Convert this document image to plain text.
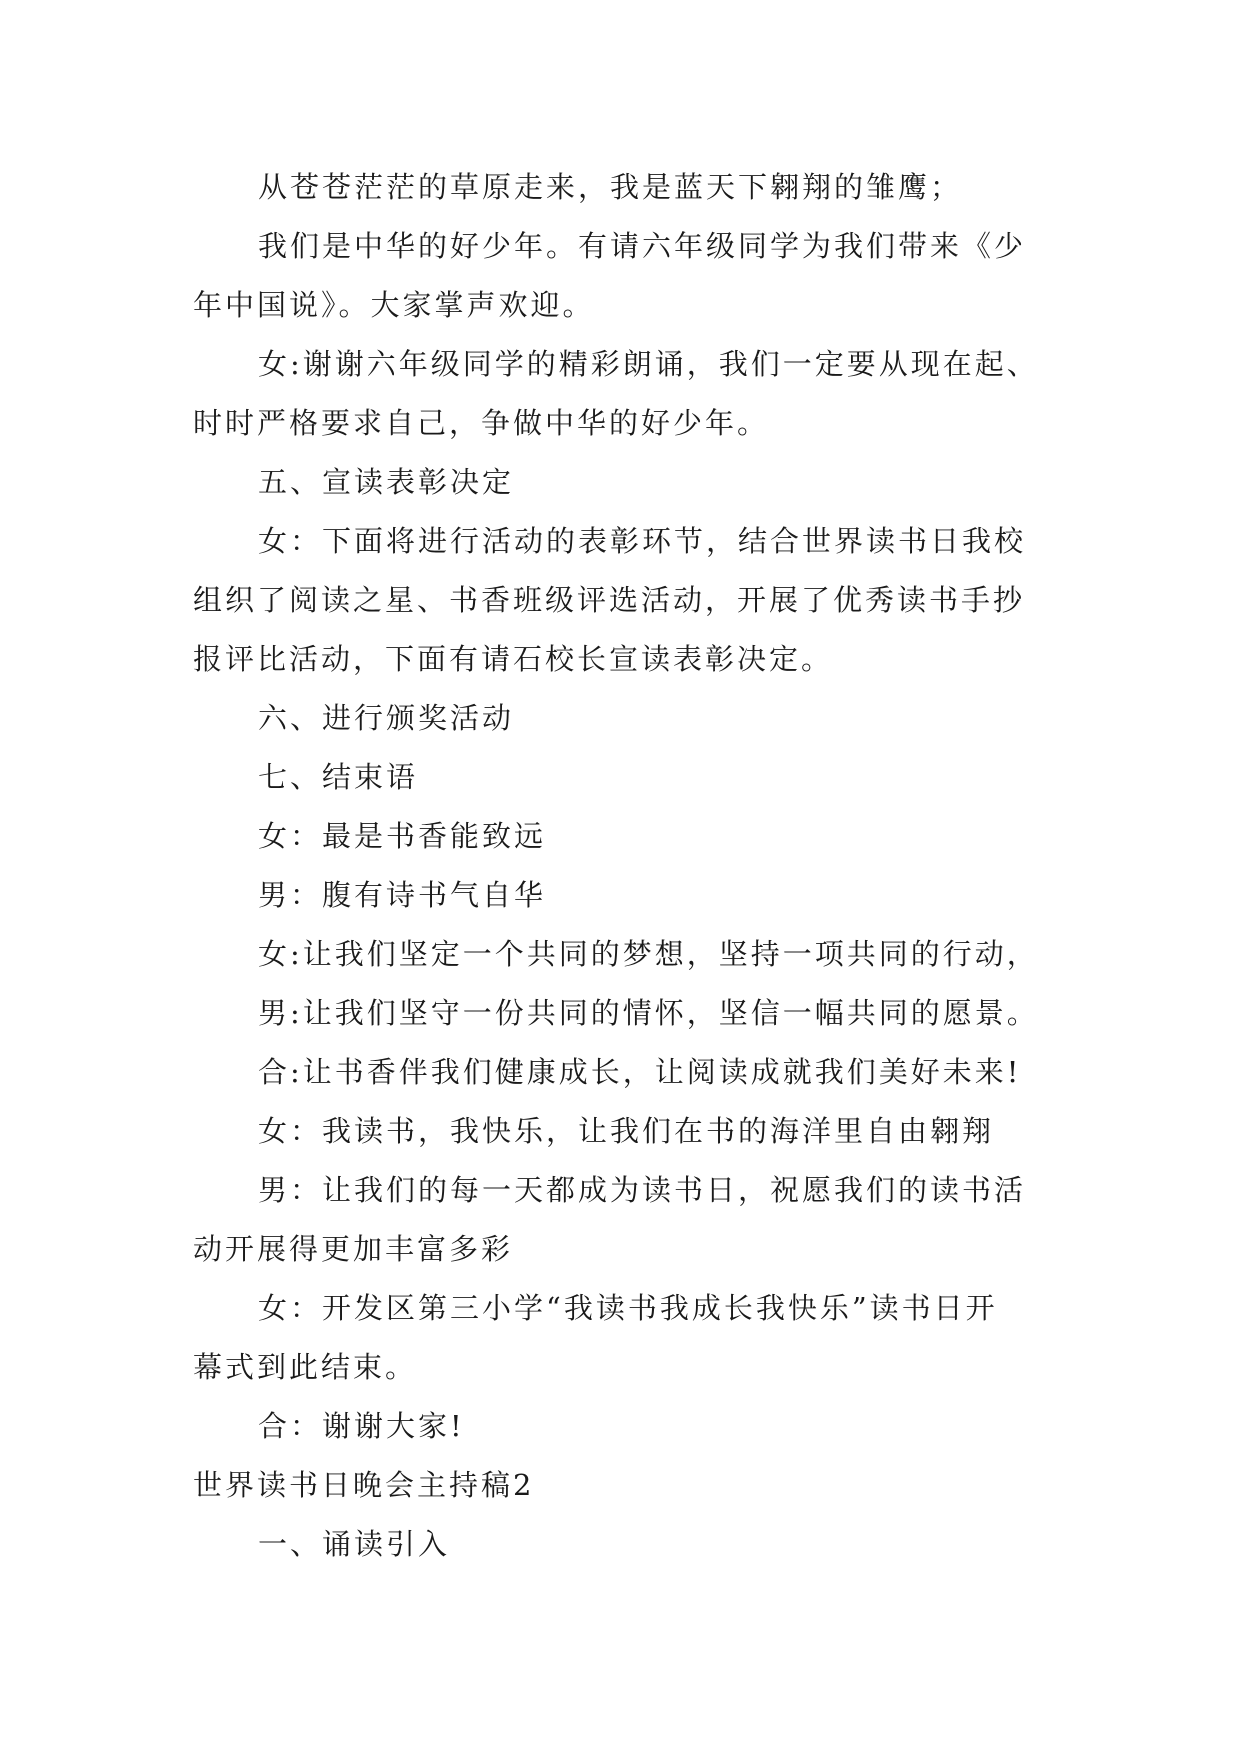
从苍苍茫茫的草原走来，我是蓝天下翱翔的雏鹰；
我们是中华的好少年。有请六年级同学为我们带来《少
年中国说》。大家掌声欢迎。
女:谢谢六年级同学的精彩朗诵，我们一定要从现在起、
时时严格要求自己，争做中华的好少年。
五、宣读表彰决定
女：下面将进行活动的表彰环节，结合世界读书日我校
组织了阅读之星、书香班级评选活动，开展了优秀读书手抄
报评比活动，下面有请石校长宣读表彰决定。
六、进行颁奖活动
七、结束语
女：最是书香能致远
男：腹有诗书气自华
女:让我们坚定一个共同的梦想，坚持一项共同的行动，
男:让我们坚守一份共同的情怀，坚信一幅共同的愿景。
合:让书香伴我们健康成长，让阅读成就我们美好未来!
女：我读书，我快乐，让我们在书的海洋里自由翱翔
男：让我们的每一天都成为读书日，祝愿我们的读书活
动开展得更加丰富多彩
女：开发区第三小学“我读书我成长我快乐”读书日开
幕式到此结束。
合：谢谢大家!
世界读书日晚会主持稿2
一、诵读引入
